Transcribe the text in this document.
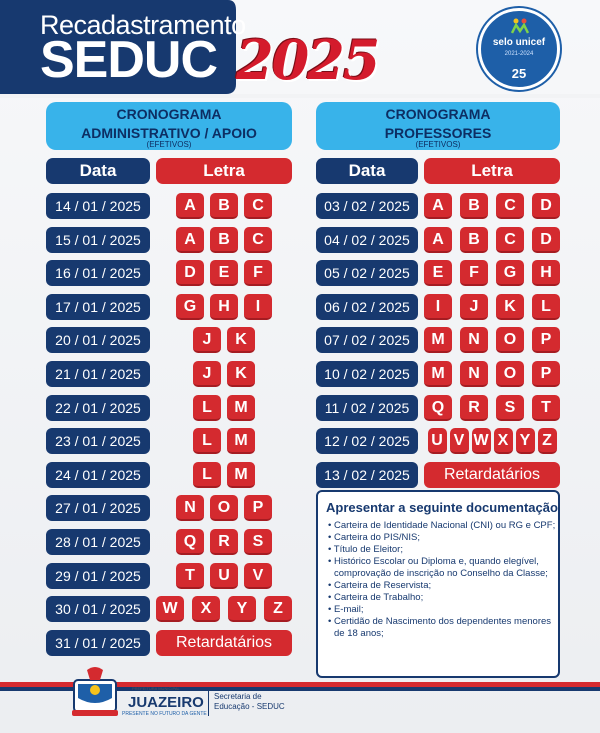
Recadastramento
SEDUC 2025	selo unicef
2021-2024
25
CRONOGRAMA
ADMINISTRATIVO / APOIO
(EFETIVOS)
Data	Letra
14 / 01 / 2025	A	B	C
15 / 01 / 2025	A	B	C
16 / 01 / 2025	D	E	F
17 / 01 / 2025	G	H	I
20 / 01 / 2025	J	K
21 / 01 / 2025	J	K
22 / 01 / 2025	L	M
23 / 01 / 2025	L	M
24 / 01 / 2025	L	M
27 / 01 / 2025	N	O	P
28 / 01 / 2025	Q	R	S
29 / 01 / 2025	T	U	V
30 / 01 / 2025	W	X	Y	Z
31 / 01 / 2025	Retardatários
CRONOGRAMA
PROFESSORES
(EFETIVOS)
Data	Letra
03 / 02 / 2025	A	B	C	D
04 / 02 / 2025	A	B	C	D
05 / 02 / 2025	E	F	G	H
06 / 02 / 2025	I	J	K	L
07 / 02 / 2025	M	N	O	P
10 / 02 / 2025	M	N	O	P
11 / 02 / 2025	Q	R	S	T
12 / 02 / 2025	U V W X Y Z
13 / 02 / 2025	Retardatários
Apresentar a seguinte documentação
• Carteira de Identidade Nacional (CNI) ou RG e CPF;
• Carteira do PIS/NIS;
• Título de Eleitor;
• Histórico Escolar ou Diploma e, quando elegível, comprovação de inscrição no Conselho da Classe;
• Carteira de Reservista;
• Carteira de Trabalho;
• E-mail;
• Certidão de Nascimento dos dependentes menores de 18 anos;
PREFEITURA MUNICIPAL
JUAZEIRO
PRESENTE NO FUTURO DA GENTE
Secretaria de
Educação - SEDUC
